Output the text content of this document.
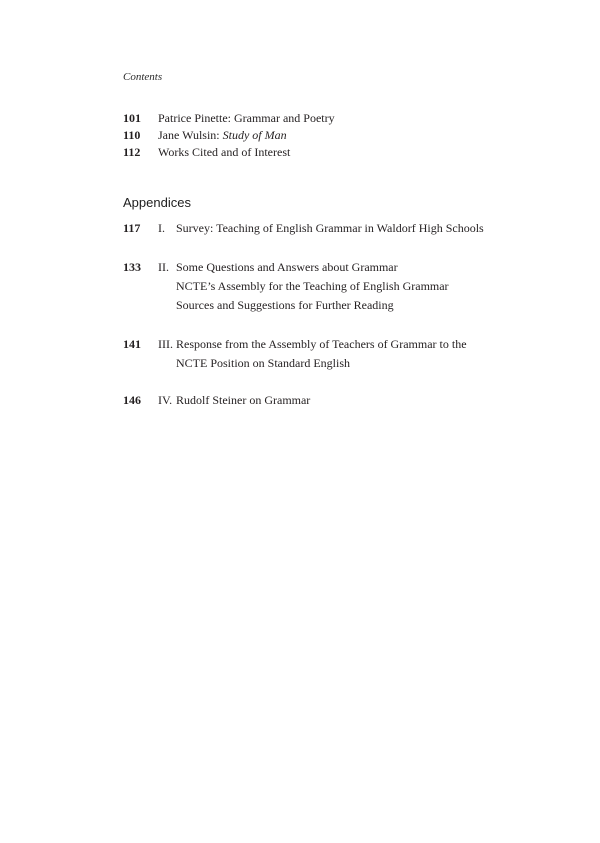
Contents
101	Patrice Pinette: Grammar and Poetry
110	Jane Wulsin: Study of Man
112	Works Cited and of Interest
Appendices
117	I. Survey: Teaching of English Grammar in Waldorf High Schools
133	II. Some Questions and Answers about Grammar
NCTE’s Assembly for the Teaching of English Grammar
Sources and Suggestions for Further Reading
141	III. Response from the Assembly of Teachers of Grammar to the
NCTE Position on Standard English
146	IV. Rudolf Steiner on Grammar
